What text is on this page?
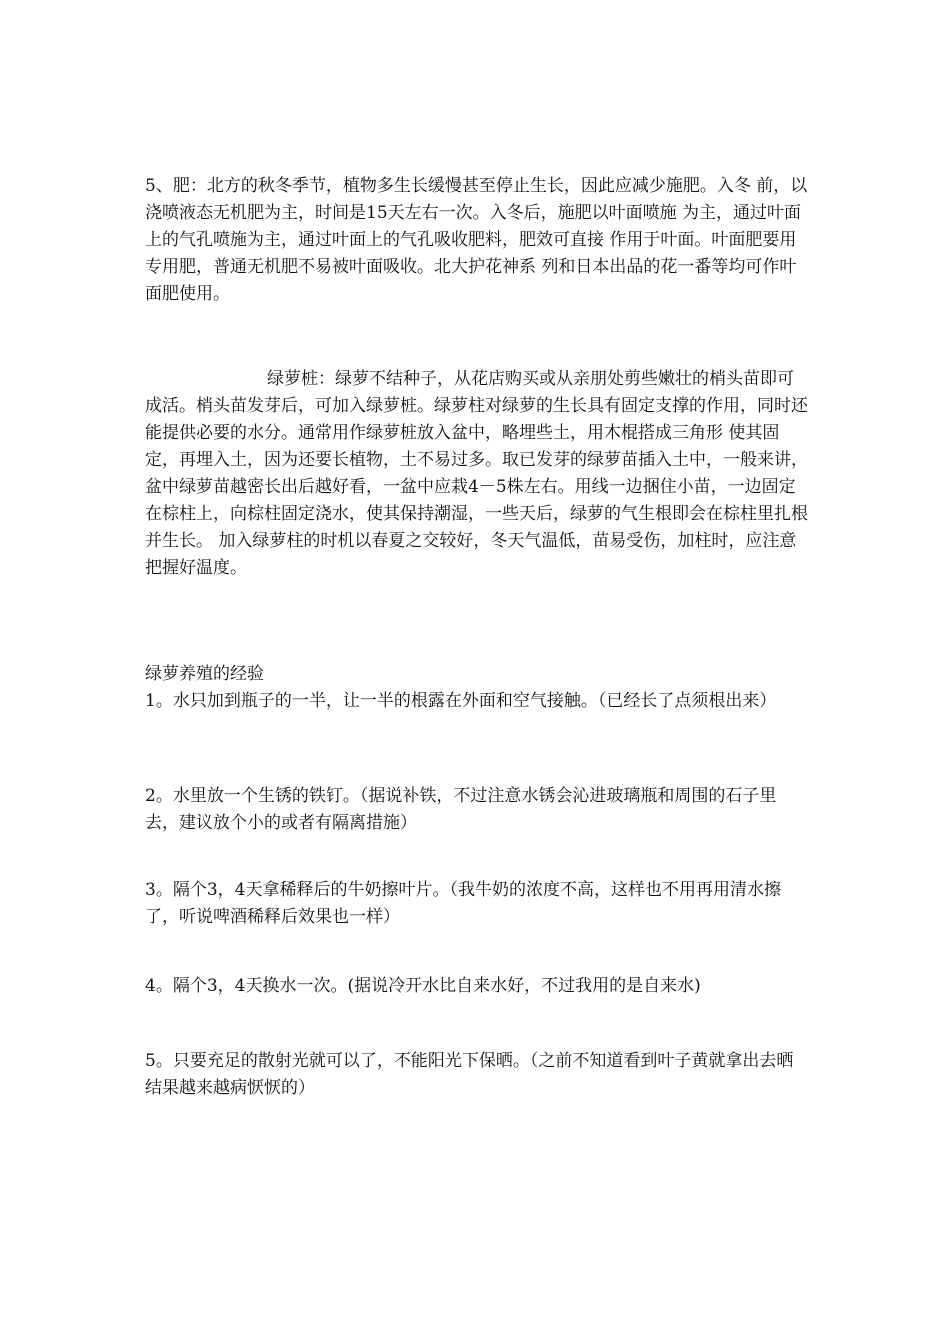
5、肥：北方的秋冬季节，植物多生长缓慢甚至停止生长，因此应减少施肥。入冬 前，以浇喷液态无机肥为主，时间是15天左右一次。入冬后，施肥以叶面喷施 为主，通过叶面上的气孔喷施为主，通过叶面上的气孔吸收肥料，肥效可直接 作用于叶面。叶面肥要用专用肥，普通无机肥不易被叶面吸收。北大护花神系 列和日本出品的花一番等均可作叶面肥使用。

绿萝桩：绿萝不结种子，从花店购买或从亲朋处剪些嫩壮的梢头苗即可成活。梢头苗发芽后，可加入绿萝桩。绿萝柱对绿萝的生长具有固定支撑的作用，同时还 能提供必要的水分。通常用作绿萝桩放入盆中，略埋些土，用木棍搭成三角形 使其固定，再埋入土，因为还要长植物，土不易过多。取已发芽的绿萝苗插入土中，一般来讲，盆中绿萝苗越密长出后越好看，一盆中应栽4－5株左右。用线一边捆住小苗，一边固定在棕柱上，向棕柱固定浇水，使其保持潮湿，一些天后，绿萝的气生根即会在棕柱里扎根并生长。 加入绿萝柱的时机以春夏之交较好，冬天气温低，苗易受伤，加柱时，应注意把握好温度。

绿萝养殖的经验

1。水只加到瓶子的一半，让一半的根露在外面和空气接触。（已经长了点须根出来）

2。水里放一个生锈的铁钉。（据说补铁，不过注意水锈会沁进玻璃瓶和周围的石子里去，建议放个小的或者有隔离措施）

3。隔个3，4天拿稀释后的牛奶擦叶片。（我牛奶的浓度不高，这样也不用再用清水擦了，听说啤酒稀释后效果也一样）

4。隔个3，4天换水一次。(据说冷开水比自来水好，不过我用的是自来水)

5。只要充足的散射光就可以了，不能阳光下保晒。（之前不知道看到叶子黄就拿出去晒结果越来越病恹恹的）
